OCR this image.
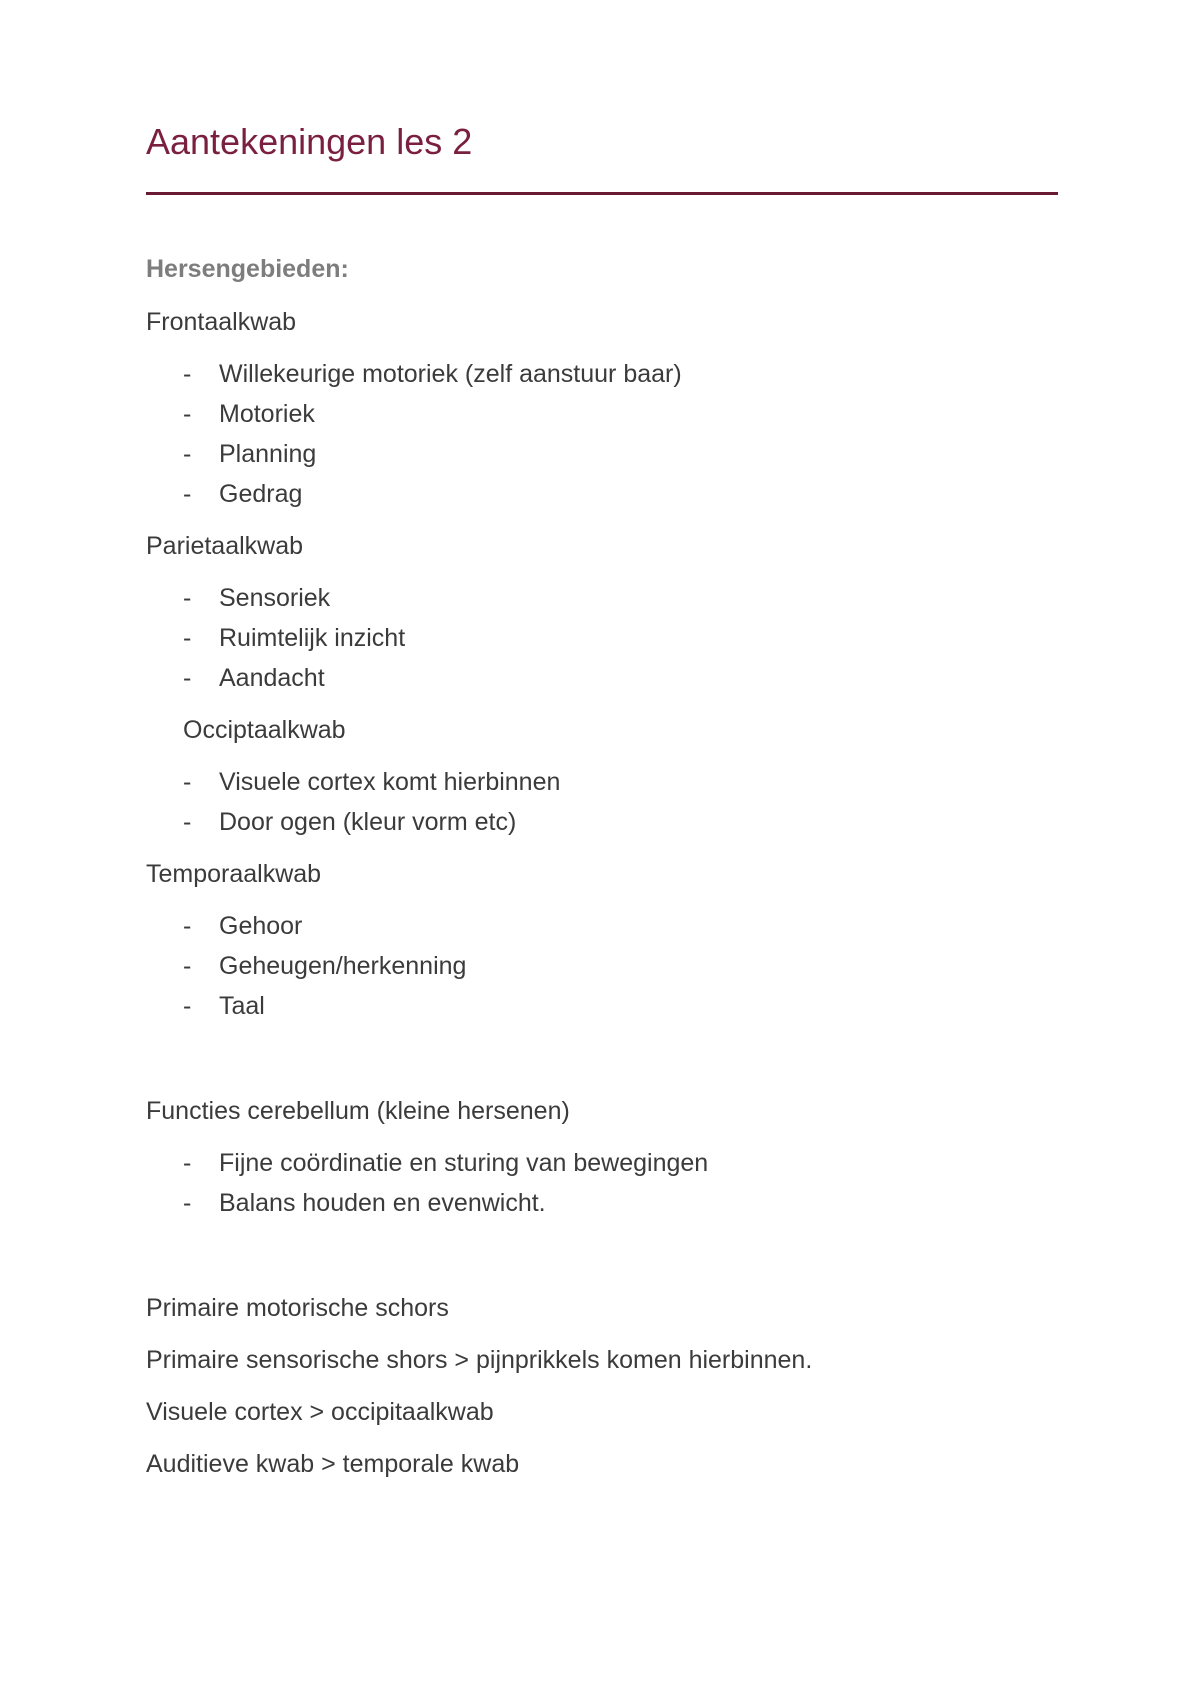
Aantekeningen les 2
Hersengebieden:
Frontaalkwab
- Willekeurige motoriek (zelf aanstuur baar)
- Motoriek
- Planning
- Gedrag
Parietaalkwab
- Sensoriek
- Ruimtelijk inzicht
- Aandacht
Occiptaalkwab
- Visuele cortex komt hierbinnen
- Door ogen (kleur vorm etc)
Temporaalkwab
- Gehoor
- Geheugen/herkenning
- Taal
Functies cerebellum (kleine hersenen)
- Fijne coördinatie en sturing van bewegingen
- Balans houden en evenwicht.
Primaire motorische schors
Primaire sensorische shors > pijnprikkels komen hierbinnen.
Visuele cortex > occipitaalkwab
Auditieve kwab > temporale kwab
